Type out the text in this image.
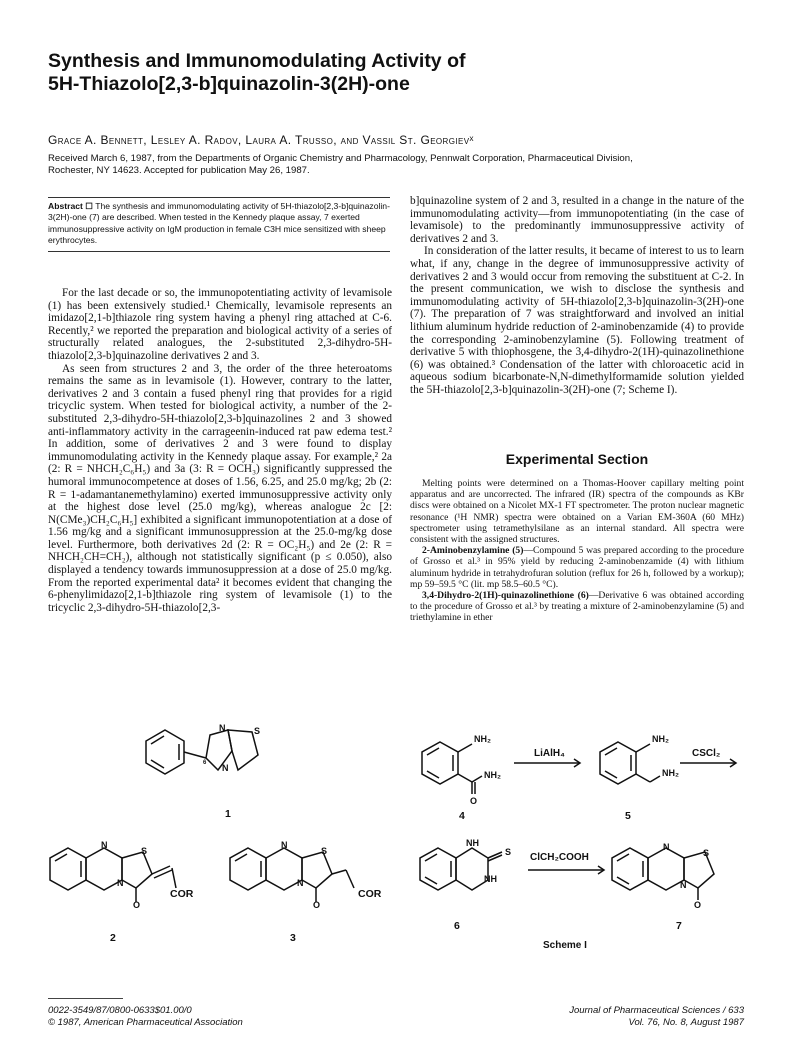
Synthesis and Immunomodulating Activity of
5H-Thiazolo[2,3-b]quinazolin-3(2H)-one
Grace A. Bennett, Lesley A. Radov, Laura A. Trusso, and Vassil St. Georgievˣ
Received March 6, 1987, from the Departments of Organic Chemistry and Pharmacology, Pennwalt Corporation, Pharmaceutical Division,
Rochester, NY 14623. Accepted for publication May 26, 1987.
Abstract ☐ The synthesis and immunomodulating activity of 5H-thiazolo[2,3-b]quinazolin-3(2H)-one (7) are described. When tested in the Kennedy plaque assay, 7 exerted immunosuppressive activity on IgM production in female C3H mice sensitized with sheep erythrocytes.

For the last decade or so, the immunopotentiating activity of levamisole (1) has been extensively studied.¹ Chemically, levamisole represents an imidazo[2,1-b]thiazole ring system having a phenyl ring attached at C-6. Recently,² we reported the preparation and biological activity of a series of structurally related analogues, the 2-substituted 2,3-dihydro-5H-thiazolo[2,3-b]quinazoline derivatives 2 and 3.

As seen from structures 2 and 3, the order of the three heteroatoms remains the same as in levamisole (1). However, contrary to the latter, derivatives 2 and 3 contain a fused phenyl ring that provides for a rigid tricyclic system. When tested for biological activity, a number of the 2-substituted 2,3-dihydro-5H-thiazolo[2,3-b]quinazolines 2 and 3 showed anti-inflammatory activity in the carrageenin-induced rat paw edema test.² In addition, some of derivatives 2 and 3 were found to display immunomodulating activity in the Kennedy plaque assay. For example,² 2a (2: R = NHCH₂C₆H₅) and 3a (3: R = OCH₃) significantly suppressed the humoral immunocompetence at doses of 1.56, 6.25, and 25.0 mg/kg; 2b (2: R = 1-adamantanemethylamino) exerted immunosuppressive activity only at the highest dose level (25.0 mg/kg), whereas analogue 2c [2: N(CMe₃)CH₂C₆H₅] exhibited a significant immunopotentiation at a dose of 1.56 mg/kg and a significant immunosuppression at the 25.0-mg/kg dose level. Furthermore, both derivatives 2d (2: R = OC₂H₅) and 2e (2: R = NHCH₂CH=CH₂), although not statistically significant (p ≤ 0.050), also displayed a tendency towards immunosuppression at a dose of 25.0 mg/kg. From the reported experimental data² it becomes evident that changing the 6-phenylimidazo[2,1-b]thiazole ring system of levamisole (1) to the tricyclic 2,3-dihydro-5H-thiazolo[2,3-

b]quinazoline system of 2 and 3, resulted in a change in the nature of the immunomodulating activity—from immunopotentiating (in the case of levamisole) to the predominantly immunosuppressive activity of derivatives 2 and 3.

In consideration of the latter results, it became of interest to us to learn what, if any, change in the degree of immunosuppressive activity of derivatives 2 and 3 would occur from removing the substituent at C-2. In the present communication, we wish to disclose the synthesis and immunomodulating activity of 5H-thiazolo[2,3-b]quinazolin-3(2H)-one (7). The preparation of 7 was straightforward and involved an initial lithium aluminum hydride reduction of 2-aminobenzamide (4) to provide the corresponding 2-aminobenzylamine (5). Following treatment of derivative 5 with thiophosgene, the 3,4-dihydro-2(1H)-quinazolinethione (6) was obtained.³ Condensation of the latter with chloroacetic acid in aqueous sodium bicarbonate-N,N-dimethylformamide solution yielded the 5H-thiazolo[2,3-b]quinazolin-3(2H)-one (7; Scheme I).

Experimental Section

Melting points were determined on a Thomas-Hoover capillary melting point apparatus and are uncorrected. The infrared (IR) spectra of the compounds as KBr discs were obtained on a Nicolet MX-1 FT spectrometer. The proton nuclear magnetic resonance (¹H NMR) spectra were obtained on a Varian EM-360A (60 MHz) spectrometer using tetramethylsilane as an internal standard. All spectra were consistent with the assigned structures.

2-Aminobenzylamine (5)—Compound 5 was prepared according to the procedure of Grosso et al.³ in 95% yield by reducing 2-aminobenzamide (4) with lithium aluminum hydride in tetrahydrofuran solution (reflux for 26 h, followed by a workup); mp 59–59.5 °C (lit. mp 58.5–60.5 °C).

3,4-Dihydro-2(1H)-quinazolinethione (6)—Derivative 6 was obtained according to the procedure of Grosso et al.³ by treating a mixture of 2-aminobenzylamine (5) and triethylamine in ether

N	S
N
6
1
N
S
N
O
COR
2
N
S
N
O
COR
3
NH₂
NH₂
O
LiAlH₄
NH₂
NH₂
CSCl₂
4	5
NH
S
NH
ClCH₂COOH
N
S
N
O
6	7
Scheme I
0022-3549/87/0800-0633$01.00/0
© 1987, American Pharmaceutical Association
Journal of Pharmaceutical Sciences / 633
Vol. 76, No. 8, August 1987
